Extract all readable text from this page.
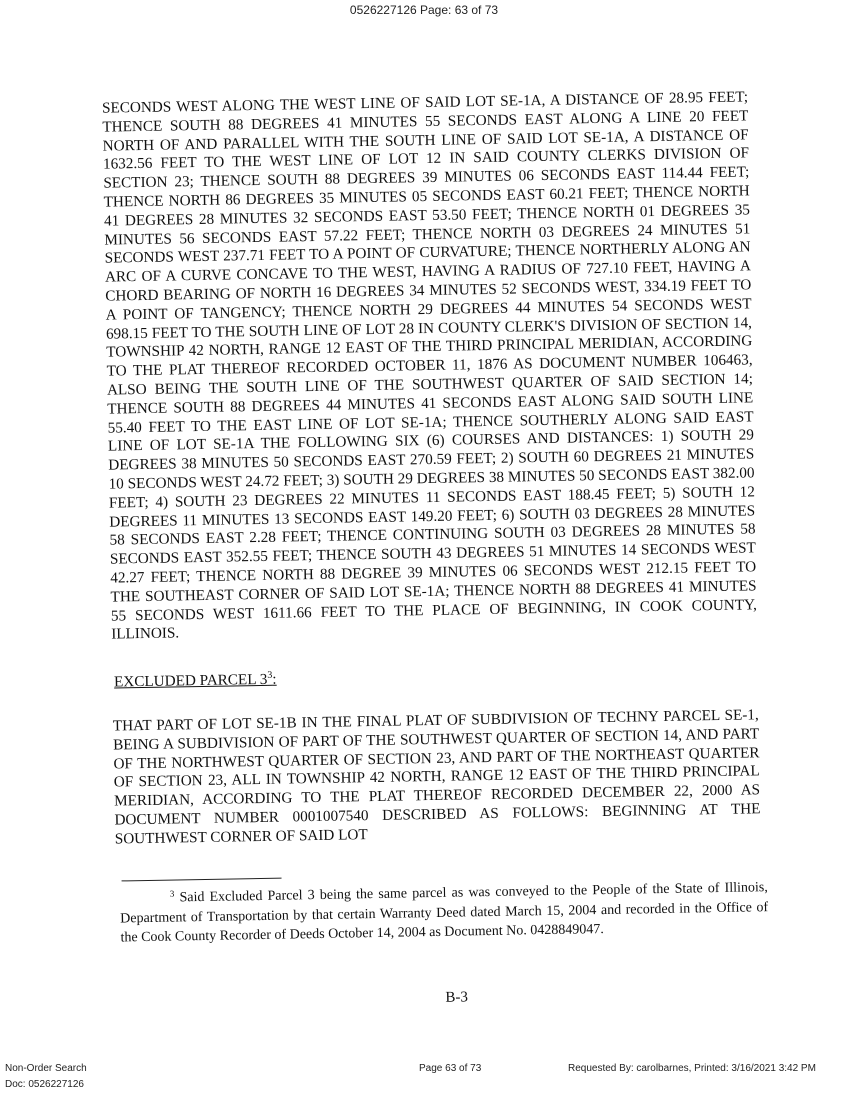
0526227126 Page: 63 of 73

SECONDS WEST ALONG THE WEST LINE OF SAID LOT SE-1A, A DISTANCE OF 28.95 FEET; THENCE SOUTH 88 DEGREES 41 MINUTES 55 SECONDS EAST ALONG A LINE 20 FEET NORTH OF AND PARALLEL WITH THE SOUTH LINE OF SAID LOT SE-1A, A DISTANCE OF 1632.56 FEET TO THE WEST LINE OF LOT 12 IN SAID COUNTY CLERKS DIVISION OF SECTION 23; THENCE SOUTH 88 DEGREES 39 MINUTES 06 SECONDS EAST 114.44 FEET; THENCE NORTH 86 DEGREES 35 MINUTES 05 SECONDS EAST 60.21 FEET; THENCE NORTH 41 DEGREES 28 MINUTES 32 SECONDS EAST 53.50 FEET; THENCE NORTH 01 DEGREES 35 MINUTES 56 SECONDS EAST 57.22 FEET; THENCE NORTH 03 DEGREES 24 MINUTES 51 SECONDS WEST 237.71 FEET TO A POINT OF CURVATURE; THENCE NORTHERLY ALONG AN ARC OF A CURVE CONCAVE TO THE WEST, HAVING A RADIUS OF 727.10 FEET, HAVING A CHORD BEARING OF NORTH 16 DEGREES 34 MINUTES 52 SECONDS WEST, 334.19 FEET TO A POINT OF TANGENCY; THENCE NORTH 29 DEGREES 44 MINUTES 54 SECONDS WEST 698.15 FEET TO THE SOUTH LINE OF LOT 28 IN COUNTY CLERK'S DIVISION OF SECTION 14, TOWNSHIP 42 NORTH, RANGE 12 EAST OF THE THIRD PRINCIPAL MERIDIAN, ACCORDING TO THE PLAT THEREOF RECORDED OCTOBER 11, 1876 AS DOCUMENT NUMBER 106463, ALSO BEING THE SOUTH LINE OF THE SOUTHWEST QUARTER OF SAID SECTION 14; THENCE SOUTH 88 DEGREES 44 MINUTES 41 SECONDS EAST ALONG SAID SOUTH LINE 55.40 FEET TO THE EAST LINE OF LOT SE-1A; THENCE SOUTHERLY ALONG SAID EAST LINE OF LOT SE-1A THE FOLLOWING SIX (6) COURSES AND DISTANCES: 1) SOUTH 29 DEGREES 38 MINUTES 50 SECONDS EAST 270.59 FEET; 2) SOUTH 60 DEGREES 21 MINUTES 10 SECONDS WEST 24.72 FEET; 3) SOUTH 29 DEGREES 38 MINUTES 50 SECONDS EAST 382.00 FEET; 4) SOUTH 23 DEGREES 22 MINUTES 11 SECONDS EAST 188.45 FEET; 5) SOUTH 12 DEGREES 11 MINUTES 13 SECONDS EAST 149.20 FEET; 6) SOUTH 03 DEGREES 28 MINUTES 58 SECONDS EAST 2.28 FEET; THENCE CONTINUING SOUTH 03 DEGREES 28 MINUTES 58 SECONDS EAST 352.55 FEET; THENCE SOUTH 43 DEGREES 51 MINUTES 14 SECONDS WEST 42.27 FEET; THENCE NORTH 88 DEGREE 39 MINUTES 06 SECONDS WEST 212.15 FEET TO THE SOUTHEAST CORNER OF SAID LOT SE-1A; THENCE NORTH 88 DEGREES 41 MINUTES 55 SECONDS WEST 1611.66 FEET TO THE PLACE OF BEGINNING, IN COOK COUNTY, ILLINOIS.

EXCLUDED PARCEL $3^3$:

THAT PART OF LOT SE-1B IN THE FINAL PLAT OF SUBDIVISION OF TECHNY PARCEL SE-1, BEING A SUBDIVISION OF PART OF THE SOUTHWEST QUARTER OF SECTION 14, AND PART OF THE NORTHWEST QUARTER OF SECTION 23, AND PART OF THE NORTHEAST QUARTER OF SECTION 23, ALL IN TOWNSHIP 42 NORTH, RANGE 12 EAST OF THE THIRD PRINCIPAL MERIDIAN, ACCORDING TO THE PLAT THEREOF RECORDED DECEMBER 22, 2000 AS DOCUMENT NUMBER 0001007540 DESCRIBED AS FOLLOWS: BEGINNING AT THE SOUTHWEST CORNER OF SAID LOT

$^3$ Said Excluded Parcel 3 being the same parcel as was conveyed to the People of the State of Illinois, Department of Transportation by that certain Warranty Deed dated March 15, 2004 and recorded in the Office of the Cook County Recorder of Deeds October 14, 2004 as Document No. 0428849047.

B-3
Non-Order Search
Doc: 0526227126
Page 63 of 73	Requested By: carolbarnes, Printed: 3/16/2021 3:42 PM
